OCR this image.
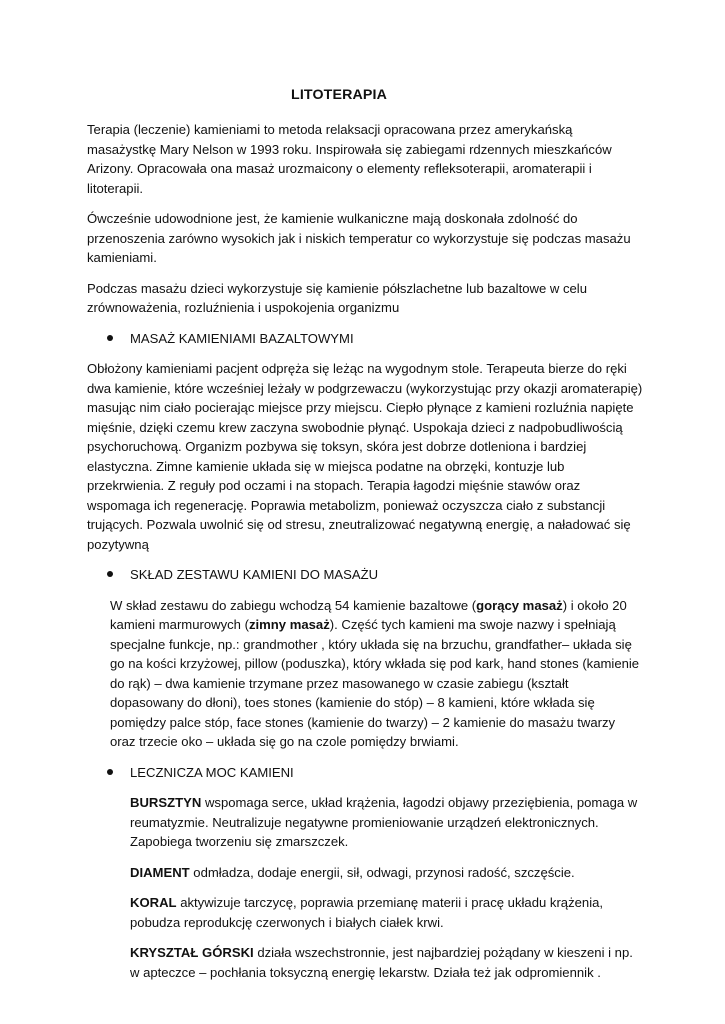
LITOTERAPIA

Terapia (leczenie) kamieniami to metoda relaksacji opracowana przez amerykańską masażystkę Mary Nelson w 1993 roku. Inspirowała się zabiegami rdzennych mieszkańców Arizony. Opracowała ona masaż urozmaicony o elementy refleksoterapii, aromaterapii i litoterapii.

Ówcześnie udowodnione jest, że kamienie wulkaniczne mają doskonała zdolność do przenoszenia zarówno wysokich jak i niskich temperatur co wykorzystuje się podczas masażu kamieniami.

Podczas masażu dzieci wykorzystuje się kamienie półszlachetne lub bazaltowe w celu zrównoważenia, rozluźnienia i uspokojenia organizmu

MASAŻ KAMIENIAMI BAZALTOWYMI

Obłożony kamieniami pacjent odpręża się leżąc na wygodnym stole. Terapeuta bierze do ręki dwa kamienie, które wcześniej leżały w podgrzewaczu (wykorzystując przy okazji aromaterapię) masując nim ciało pocierając miejsce przy miejscu. Ciepło płynące z kamieni rozluźnia napięte mięśnie, dzięki czemu krew zaczyna swobodnie płynąć. Uspokaja dzieci z nadpobudliwością psychoruchową. Organizm pozbywa się toksyn, skóra jest dobrze dotleniona i bardziej elastyczna. Zimne kamienie układa się w miejsca podatne na obrzęki, kontuzje lub przekrwienia. Z reguły pod oczami i na stopach. Terapia łagodzi mięśnie stawów oraz wspomaga ich regenerację. Poprawia metabolizm, ponieważ oczyszcza ciało z substancji trujących. Pozwala uwolnić się od stresu, zneutralizować negatywną energię, a naładować się pozytywną

SKŁAD ZESTAWU KAMIENI DO MASAŻU

W skład zestawu do zabiegu wchodzą 54 kamienie bazaltowe (gorący masaż) i około 20 kamieni marmurowych (zimny masaż). Część tych kamieni ma swoje nazwy i spełniają specjalne funkcje, np.: grandmother , który układa się na brzuchu, grandfather– układa się go na kości krzyżowej, pillow (poduszka), który wkłada się pod kark, hand stones (kamienie do rąk) – dwa kamienie trzymane przez masowanego w czasie zabiegu (kształt dopasowany do dłoni), toes stones (kamienie do stóp) – 8 kamieni, które wkłada się pomiędzy palce stóp, face stones (kamienie do twarzy) – 2 kamienie do masażu twarzy oraz trzecie oko – układa się go na czole pomiędzy brwiami.

LECZNICZA MOC KAMIENI

BURSZTYN wspomaga serce, układ krążenia, łagodzi objawy przeziębienia, pomaga w reumatyzmie. Neutralizuje negatywne promieniowanie urządzeń elektronicznych. Zapobiega tworzeniu się zmarszczek.

DIAMENT odmładza, dodaje energii, sił, odwagi, przynosi radość, szczęście.

KORAL aktywizuje tarczycę, poprawia przemianę materii i pracę układu krążenia, pobudza reprodukcję czerwonych i białych ciałek krwi.

KRYSZTAŁ GÓRSKI działa wszechstronnie, jest najbardziej pożądany w kieszeni i np. w apteczce – pochłania toksyczną energię lekarstw. Działa też jak odpromiennik .
